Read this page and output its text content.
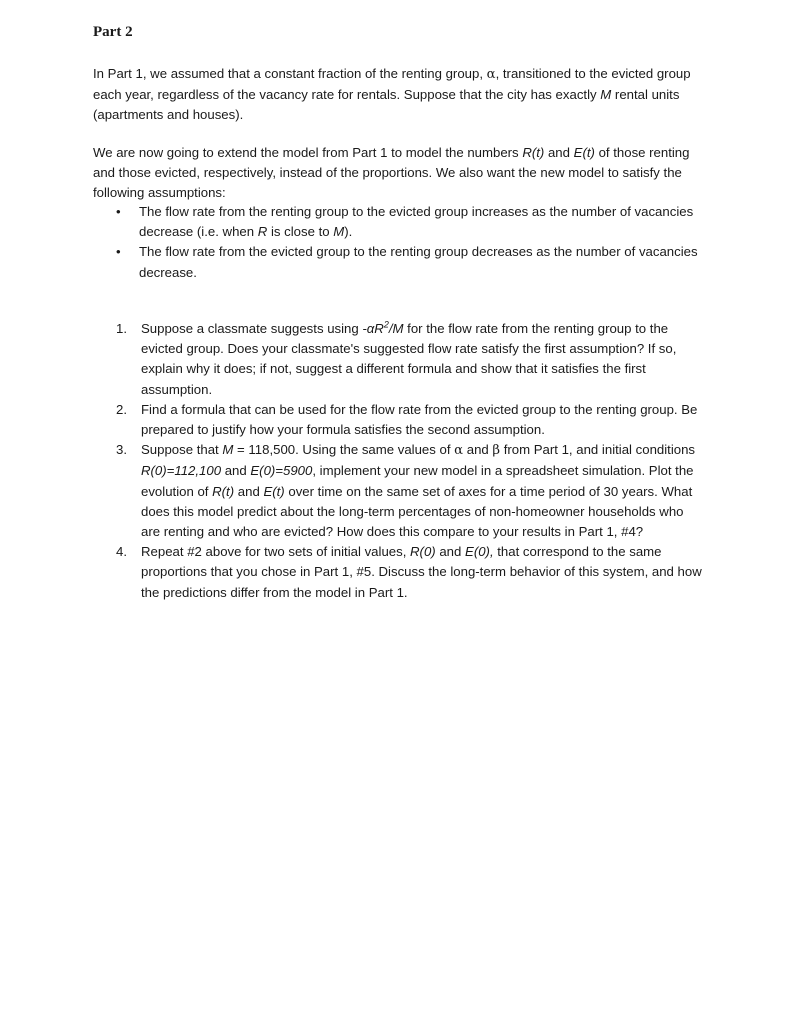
Part 2
In Part 1, we assumed that a constant fraction of the renting group, α, transitioned to the evicted group each year, regardless of the vacancy rate for rentals. Suppose that the city has exactly M rental units (apartments and houses).
We are now going to extend the model from Part 1 to model the numbers R(t) and E(t) of those renting and those evicted, respectively, instead of the proportions. We also want the new model to satisfy the following assumptions:
• The flow rate from the renting group to the evicted group increases as the number of vacancies decrease (i.e. when R is close to M).
• The flow rate from the evicted group to the renting group decreases as the number of vacancies decrease.
1. Suppose a classmate suggests using $-\alpha R^2/M$ for the flow rate from the renting group to the evicted group. Does your classmate's suggested flow rate satisfy the first assumption? If so, explain why it does; if not, suggest a different formula and show that it satisfies the first assumption.
2. Find a formula that can be used for the flow rate from the evicted group to the renting group. Be prepared to justify how your formula satisfies the second assumption.
3. Suppose that M = 118,500. Using the same values of α and β from Part 1, and initial conditions R(0)=112,100 and E(0)=5900, implement your new model in a spreadsheet simulation. Plot the evolution of R(t) and E(t) over time on the same set of axes for a time period of 30 years. What does this model predict about the long-term percentages of non-homeowner households who are renting and who are evicted? How does this compare to your results in Part 1, #4?
4. Repeat #2 above for two sets of initial values, R(0) and E(0), that correspond to the same proportions that you chose in Part 1, #5. Discuss the long-term behavior of this system, and how the predictions differ from the model in Part 1.
